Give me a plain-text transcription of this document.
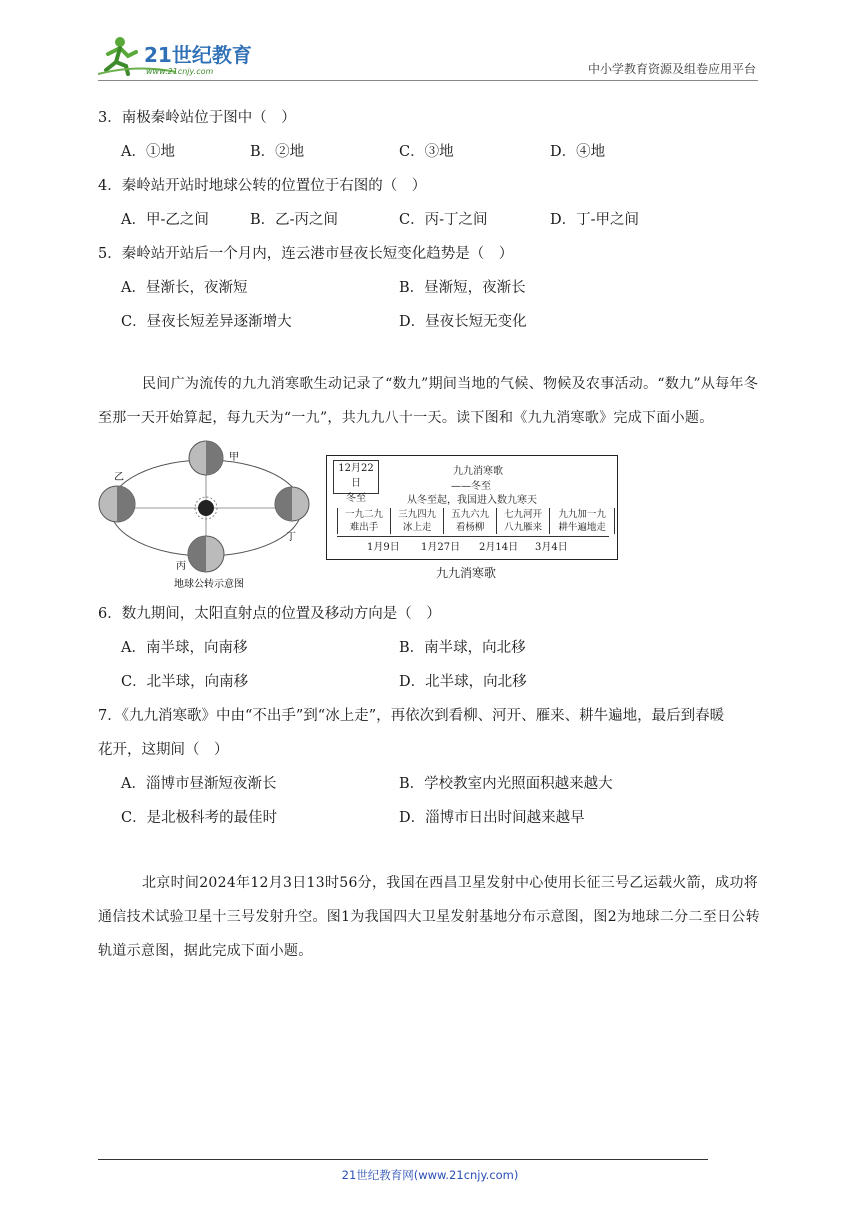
21世纪教育
www.21cnjy.com	中小学教育资源及组卷应用平台
3．南极秦岭站位于图中（　）
A．①地	B．②地	C．③地	D．④地
4．秦岭站开站时地球公转的位置位于右图的（　）
A．甲-乙之间	B．乙-丙之间	C．丙-丁之间	D．丁-甲之间
5．秦岭站开站后一个月内，连云港市昼夜长短变化趋势是（　）
A．昼渐长，夜渐短	B．昼渐短，夜渐长
C．昼夜长短差异逐渐增大	D．昼夜长短无变化
民间广为流传的九九消寒歌生动记录了“数九”期间当地的气候、物候及农事活动。“数九”从每年冬至那一天开始算起，每九天为“一九”，共九九八十一天。读下图和《九九消寒歌》完成下面小题。
甲
乙
丙
丁
地球公转示意图
12月22日
冬至
九九消寒歌
——冬至
从冬至起，我国进入数九寒天
一九二九
难出手

三九四九
冰上走

五九六九
看杨柳

七九河开
八九雁来

九九加一九
耕牛遍地走
1月9日 1月27日 2月14日 3月4日
九九消寒歌
6．数九期间，太阳直射点的位置及移动方向是（　）
A．南半球，向南移	B．南半球，向北移
C．北半球，向南移	D．北半球，向北移
7．《九九消寒歌》中由“不出手”到“冰上走”，再依次到看柳、河开、雁来、耕牛遍地，最后到春暖
花开，这期间（　）
A．淄博市昼渐短夜渐长	B．学校教室内光照面积越来越大
C．是北极科考的最佳时	D．淄博市日出时间越来越早
北京时间2024年12月3日13时56分，我国在西昌卫星发射中心使用长征三号乙运载火箭，成功将通信技术试验卫星十三号发射升空。图1为我国四大卫星发射基地分布示意图，图2为地球二分二至日公转轨道示意图，据此完成下面小题。
21世纪教育网(www.21cnjy.com)
